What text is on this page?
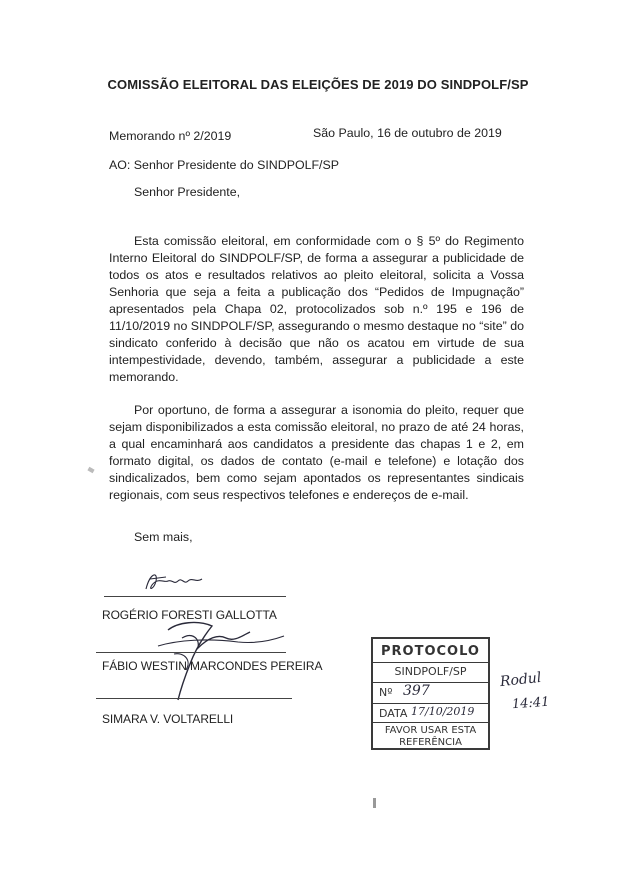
COMISSÃO ELEITORAL DAS ELEIÇÕES DE 2019 DO SINDPOLF/SP
Memorando nº 2/2019	São Paulo, 16 de outubro de 2019
AO: Senhor Presidente do SINDPOLF/SP
Senhor Presidente,
Esta comissão eleitoral, em conformidade com o § 5º do Regimento
Interno Eleitoral do SINDPOLF/SP, de forma a assegurar a publicidade de
todos os atos e resultados relativos ao pleito eleitoral, solicita a Vossa
Senhoria que seja a feita a publicação dos “Pedidos de Impugnação”
apresentados pela Chapa 02, protocolizados sob n.º 195 e 196 de
11/10/2019 no SINDPOLF/SP, assegurando o mesmo destaque no “site” do
sindicato conferido à decisão que não os acatou em virtude de sua
intempestividade, devendo, também, assegurar a publicidade a este
memorando.
Por oportuno, de forma a assegurar a isonomia do pleito, requer que
sejam disponibilizados a esta comissão eleitoral, no prazo de até 24 horas,
a qual encaminhará aos candidatos a presidente das chapas 1 e 2, em
formato digital, os dados de contato (e-mail e telefone) e lotação dos
sindicalizados, bem como sejam apontados os representantes sindicais
regionais, com seus respectivos telefones e endereços de e-mail.
Sem mais,
ROGÉRIO FORESTI GALLOTTA
FÁBIO WESTIN MARCONDES PEREIRA
SIMARA V. VOLTARELLI
PROTOCOLO
SINDPOLF/SP
Nº 397
DATA 17/10/2019
FAVOR USAR ESTA
REFERÊNCIA
Rodul
14:41
